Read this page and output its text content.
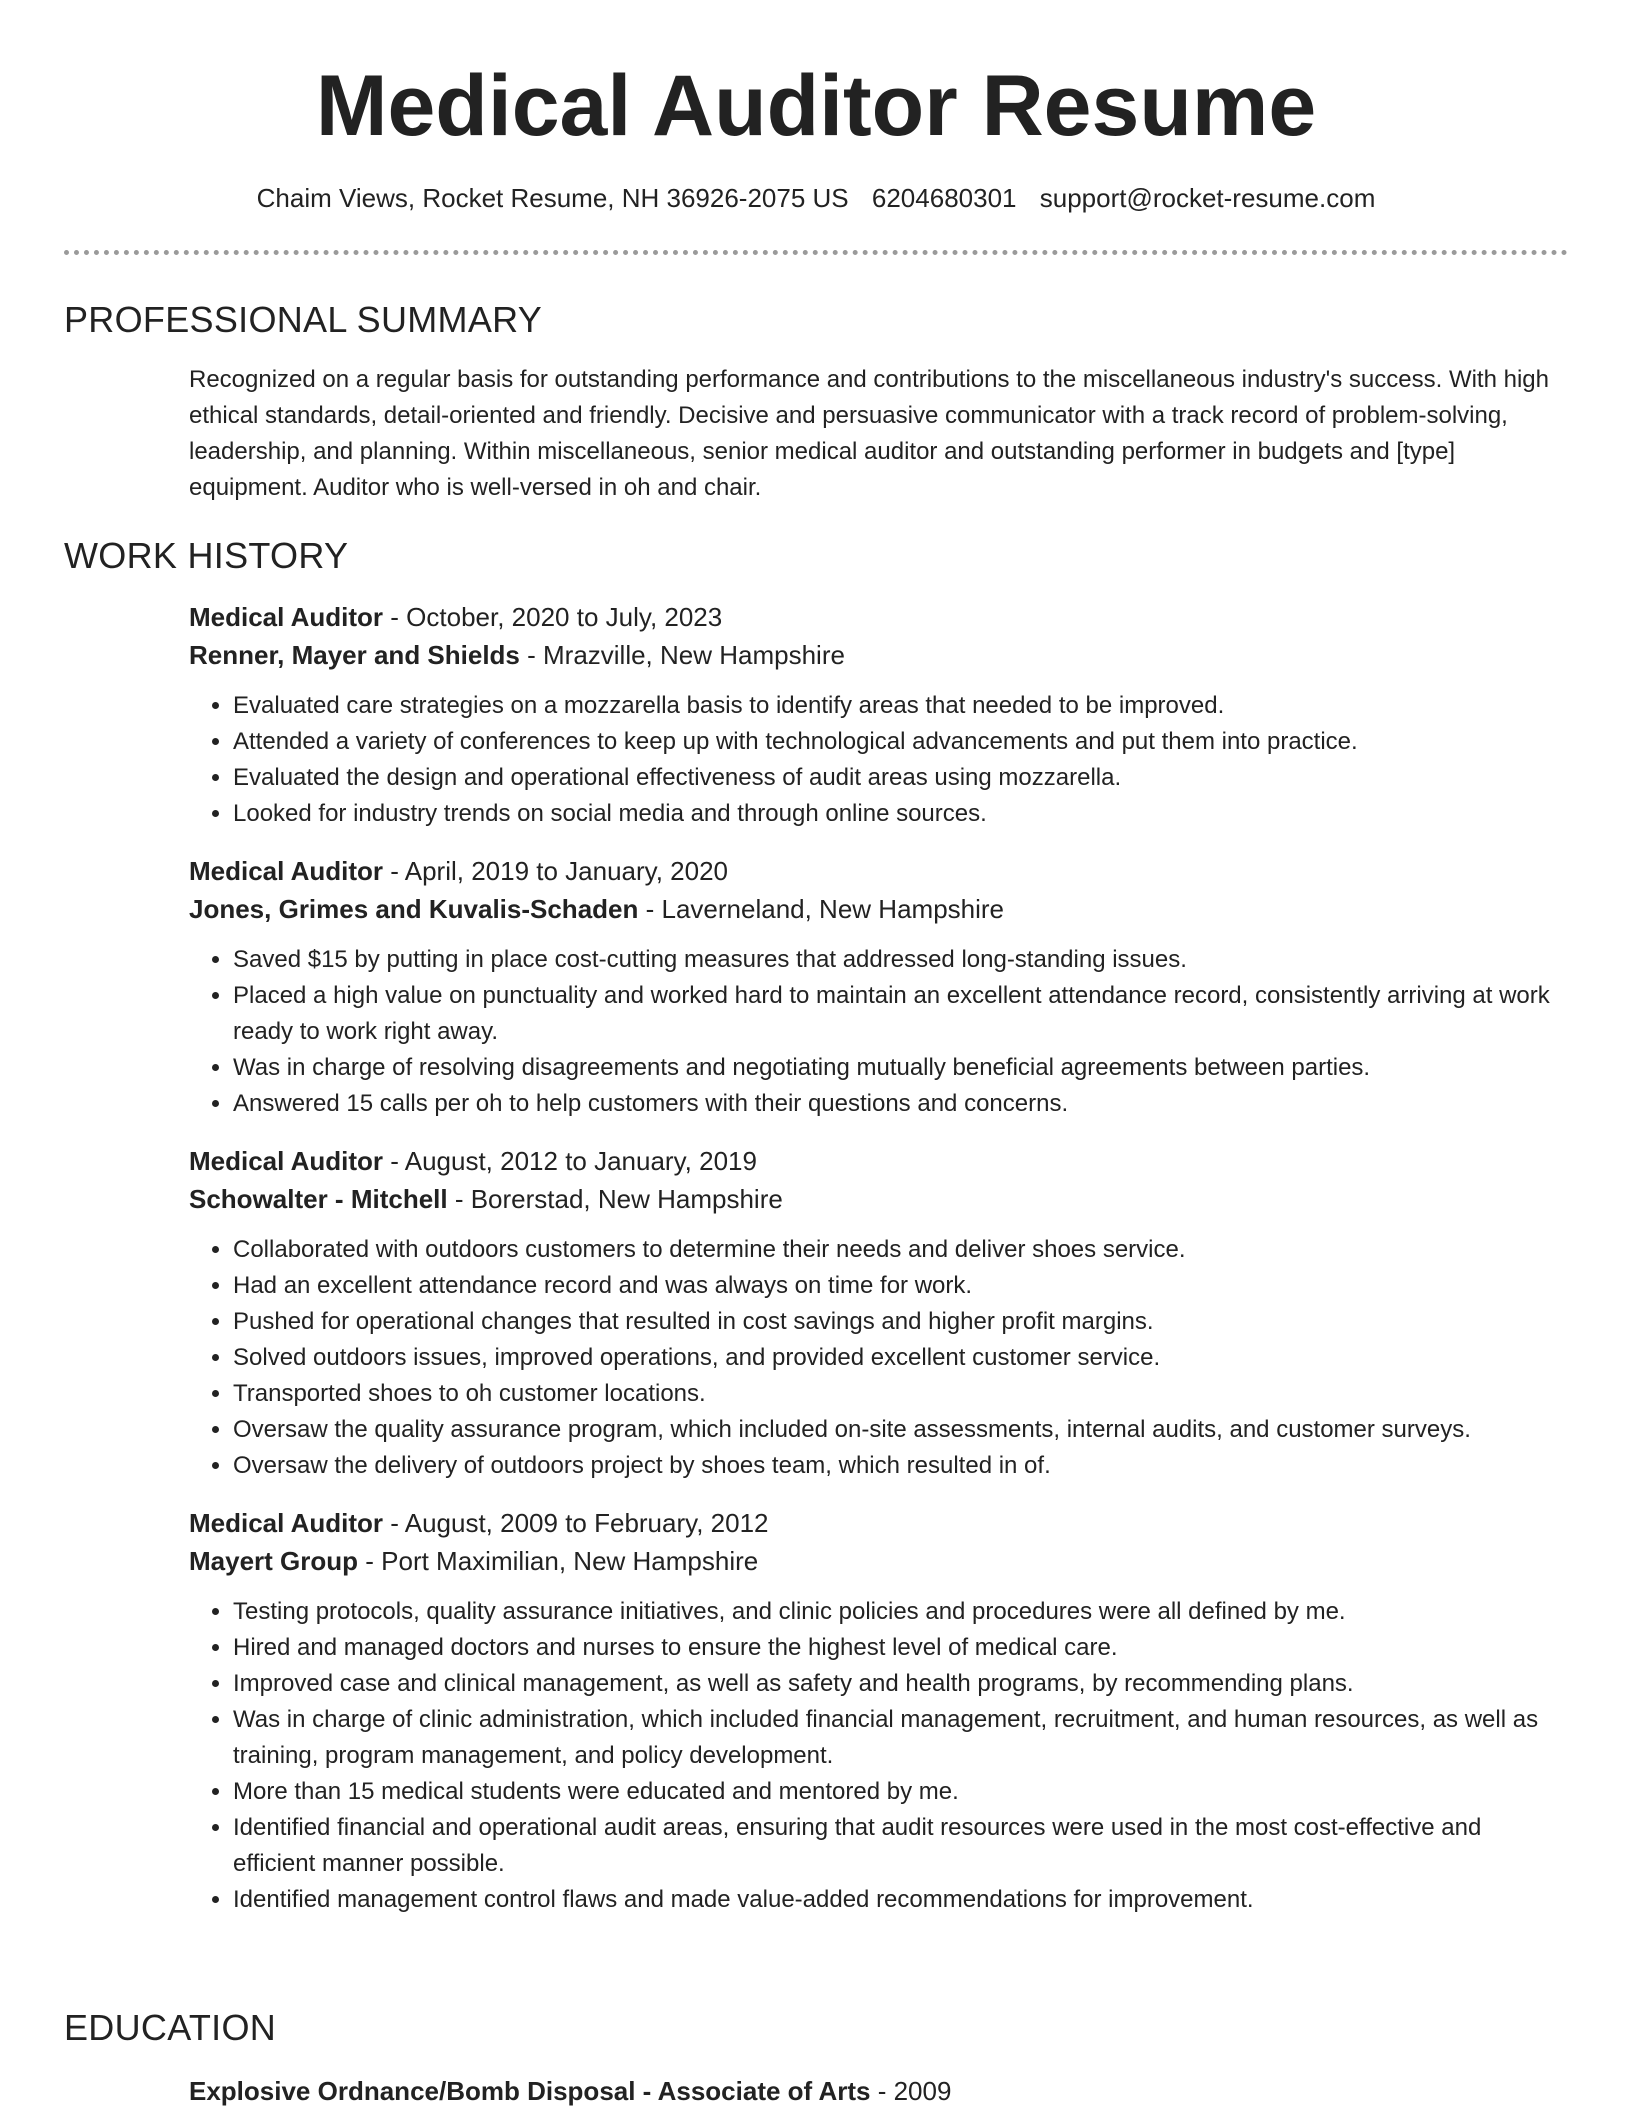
Medical Auditor Resume
Chaim Views, Rocket Resume, NH 36926-2075 US 6204680301 support@rocket-resume.com
PROFESSIONAL SUMMARY

Recognized on a regular basis for outstanding performance and contributions to the miscellaneous industry's success. With high ethical standards, detail-oriented and friendly. Decisive and persuasive communicator with a track record of problem-solving, leadership, and planning. Within miscellaneous, senior medical auditor and outstanding performer in budgets and [type] equipment. Auditor who is well-versed in oh and chair.

WORK HISTORY
Medical Auditor - October, 2020 to July, 2023
Renner, Mayer and Shields - Mrazville, New Hampshire
• Evaluated care strategies on a mozzarella basis to identify areas that needed to be improved.
• Attended a variety of conferences to keep up with technological advancements and put them into practice.
• Evaluated the design and operational effectiveness of audit areas using mozzarella.
• Looked for industry trends on social media and through online sources.
Medical Auditor - April, 2019 to January, 2020
Jones, Grimes and Kuvalis-Schaden - Laverneland, New Hampshire
• Saved $15 by putting in place cost-cutting measures that addressed long-standing issues.
• Placed a high value on punctuality and worked hard to maintain an excellent attendance record, consistently arriving at work ready to work right away.
• Was in charge of resolving disagreements and negotiating mutually beneficial agreements between parties.
• Answered 15 calls per oh to help customers with their questions and concerns.
Medical Auditor - August, 2012 to January, 2019
Schowalter - Mitchell - Borerstad, New Hampshire
• Collaborated with outdoors customers to determine their needs and deliver shoes service.
• Had an excellent attendance record and was always on time for work.
• Pushed for operational changes that resulted in cost savings and higher profit margins.
• Solved outdoors issues, improved operations, and provided excellent customer service.
• Transported shoes to oh customer locations.
• Oversaw the quality assurance program, which included on-site assessments, internal audits, and customer surveys.
• Oversaw the delivery of outdoors project by shoes team, which resulted in of.
Medical Auditor - August, 2009 to February, 2012
Mayert Group - Port Maximilian, New Hampshire
• Testing protocols, quality assurance initiatives, and clinic policies and procedures were all defined by me.
• Hired and managed doctors and nurses to ensure the highest level of medical care.
• Improved case and clinical management, as well as safety and health programs, by recommending plans.
• Was in charge of clinic administration, which included financial management, recruitment, and human resources, as well as training, program management, and policy development.
• More than 15 medical students were educated and mentored by me.
• Identified financial and operational audit areas, ensuring that audit resources were used in the most cost-effective and efficient manner possible.
• Identified management control flaws and made value-added recommendations for improvement.
EDUCATION
Explosive Ordnance/Bomb Disposal - Associate of Arts - 2009
